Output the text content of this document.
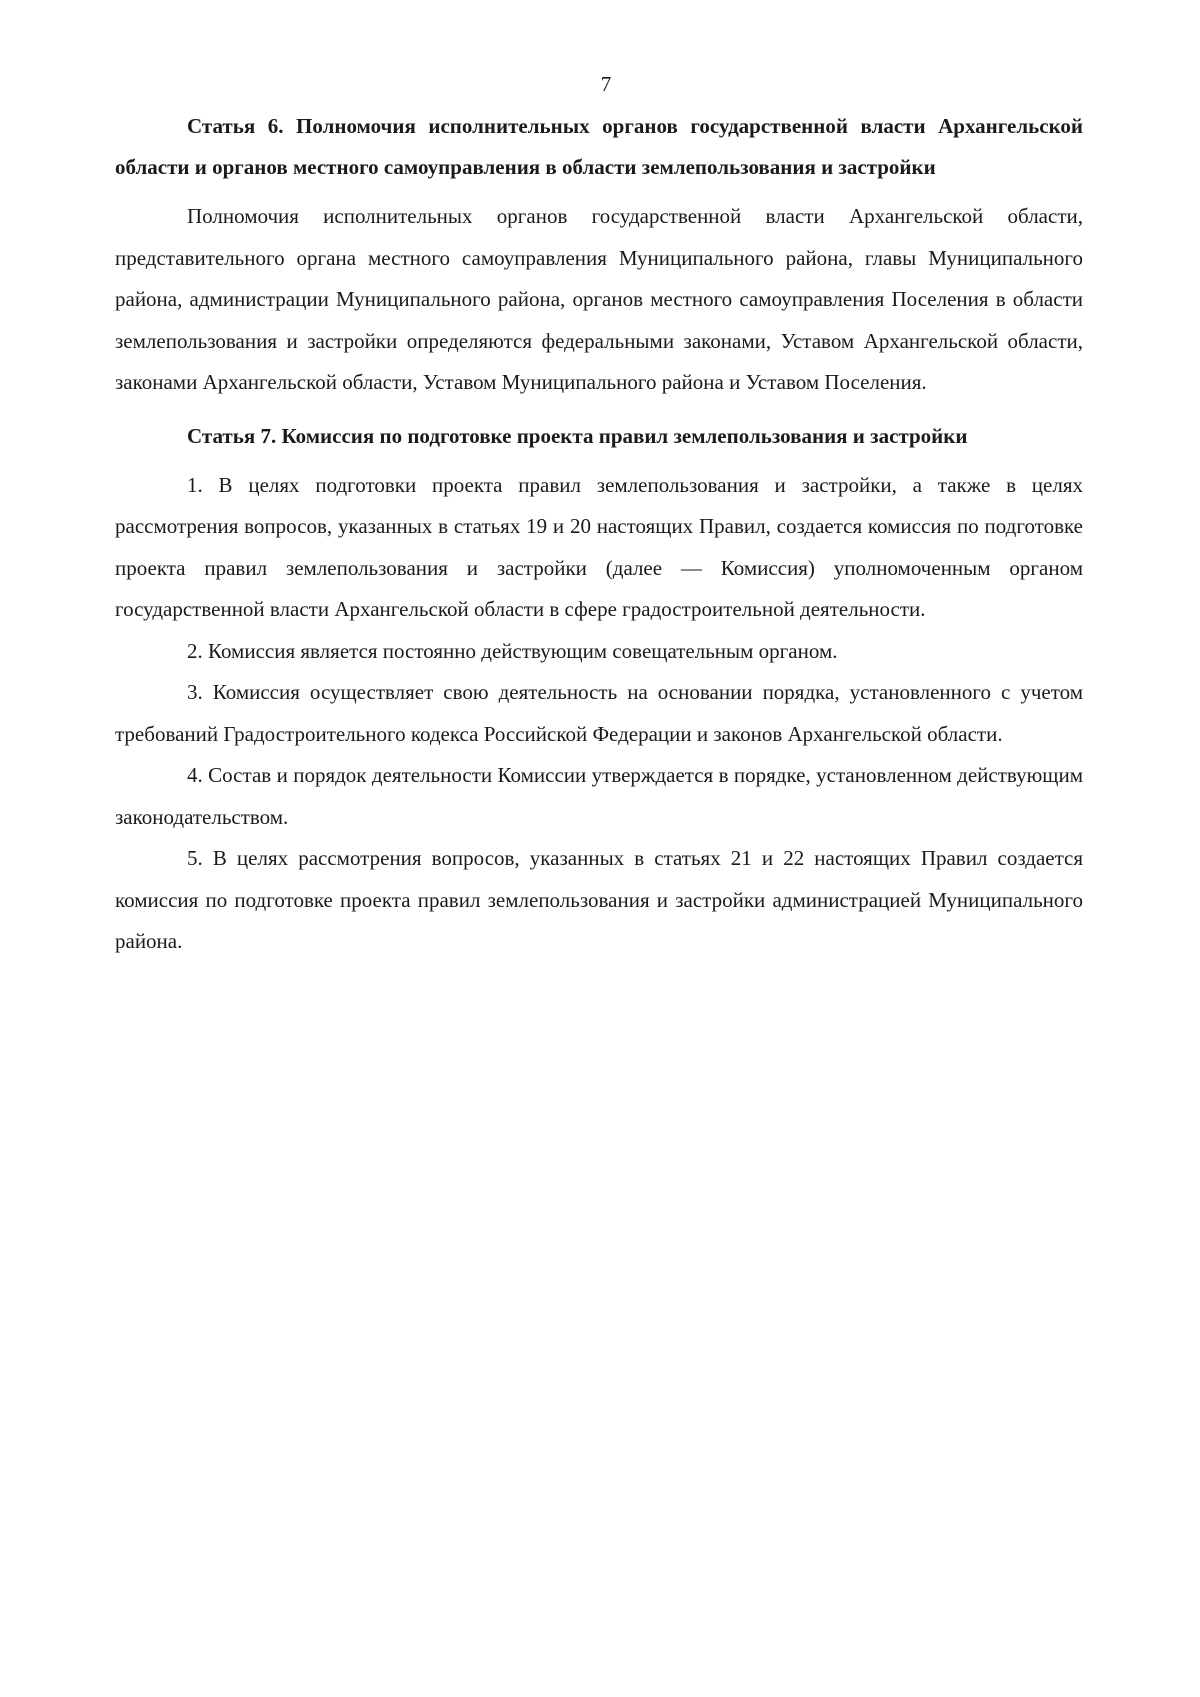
7

Статья 6. Полномочия исполнительных органов государственной власти Архангельской области и органов местного самоуправления в области землепользования и застройки

Полномочия исполнительных органов государственной власти Архангельской области, представительного органа местного самоуправления Муниципального района, главы Муниципального района, администрации Муниципального района, органов местного самоуправления Поселения в области землепользования и застройки определяются федеральными законами, Уставом Архангельской области, законами Архангельской области, Уставом Муниципального района и Уставом Поселения.

Статья 7. Комиссия по подготовке проекта правил землепользования и застройки

1. В целях подготовки проекта правил землепользования и застройки, а также в целях рассмотрения вопросов, указанных в статьях 19 и 20 настоящих Правил, создается комиссия по подготовке проекта правил землепользования и застройки (далее — Комиссия) уполномоченным органом государственной власти Архангельской области в сфере градостроительной деятельности.

2. Комиссия является постоянно действующим совещательным органом.

3. Комиссия осуществляет свою деятельность на основании порядка, установленного с учетом требований Градостроительного кодекса Российской Федерации и законов Архангельской области.

4. Состав и порядок деятельности Комиссии утверждается в порядке, установленном действующим законодательством.

5. В целях рассмотрения вопросов, указанных в статьях 21 и 22 настоящих Правил создается комиссия по подготовке проекта правил землепользования и застройки администрацией Муниципального района.
